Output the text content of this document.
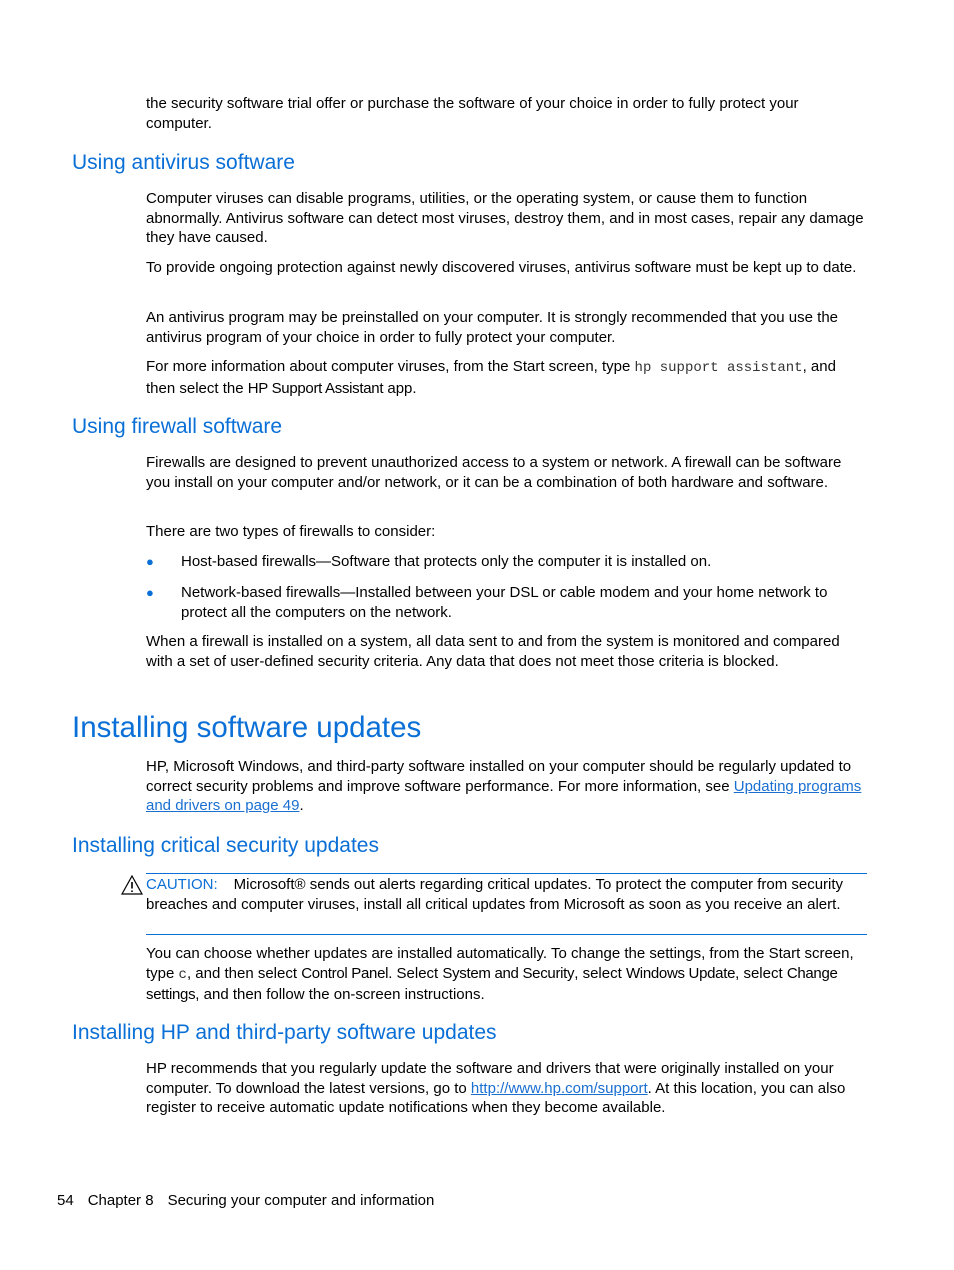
the security software trial offer or purchase the software of your choice in order to fully protect your computer.

Using antivirus software

Computer viruses can disable programs, utilities, or the operating system, or cause them to function abnormally. Antivirus software can detect most viruses, destroy them, and in most cases, repair any damage they have caused.

To provide ongoing protection against newly discovered viruses, antivirus software must be kept up to date.

An antivirus program may be preinstalled on your computer. It is strongly recommended that you use the antivirus program of your choice in order to fully protect your computer.

For more information about computer viruses, from the Start screen, type hp support assistant, and then select the HP Support Assistant app.

Using firewall software

Firewalls are designed to prevent unauthorized access to a system or network. A firewall can be software you install on your computer and/or network, or it can be a combination of both hardware and software.

There are two types of firewalls to consider:

● Host-based firewalls—Software that protects only the computer it is installed on.
● Network-based firewalls—Installed between your DSL or cable modem and your home network to protect all the computers on the network.

When a firewall is installed on a system, all data sent to and from the system is monitored and compared with a set of user-defined security criteria. Any data that does not meet those criteria is blocked.

Installing software updates

HP, Microsoft Windows, and third-party software installed on your computer should be regularly updated to correct security problems and improve software performance. For more information, see Updating programs and drivers on page 49.

Installing critical security updates

CAUTION: Microsoft® sends out alerts regarding critical updates. To protect the computer from security breaches and computer viruses, install all critical updates from Microsoft as soon as you receive an alert.

You can choose whether updates are installed automatically. To change the settings, from the Start screen, type c, and then select Control Panel. Select System and Security, select Windows Update, select Change settings, and then follow the on-screen instructions.

Installing HP and third-party software updates

HP recommends that you regularly update the software and drivers that were originally installed on your computer. To download the latest versions, go to http://www.hp.com/support. At this location, you can also register to receive automatic update notifications when they become available.

54 Chapter 8 Securing your computer and information
